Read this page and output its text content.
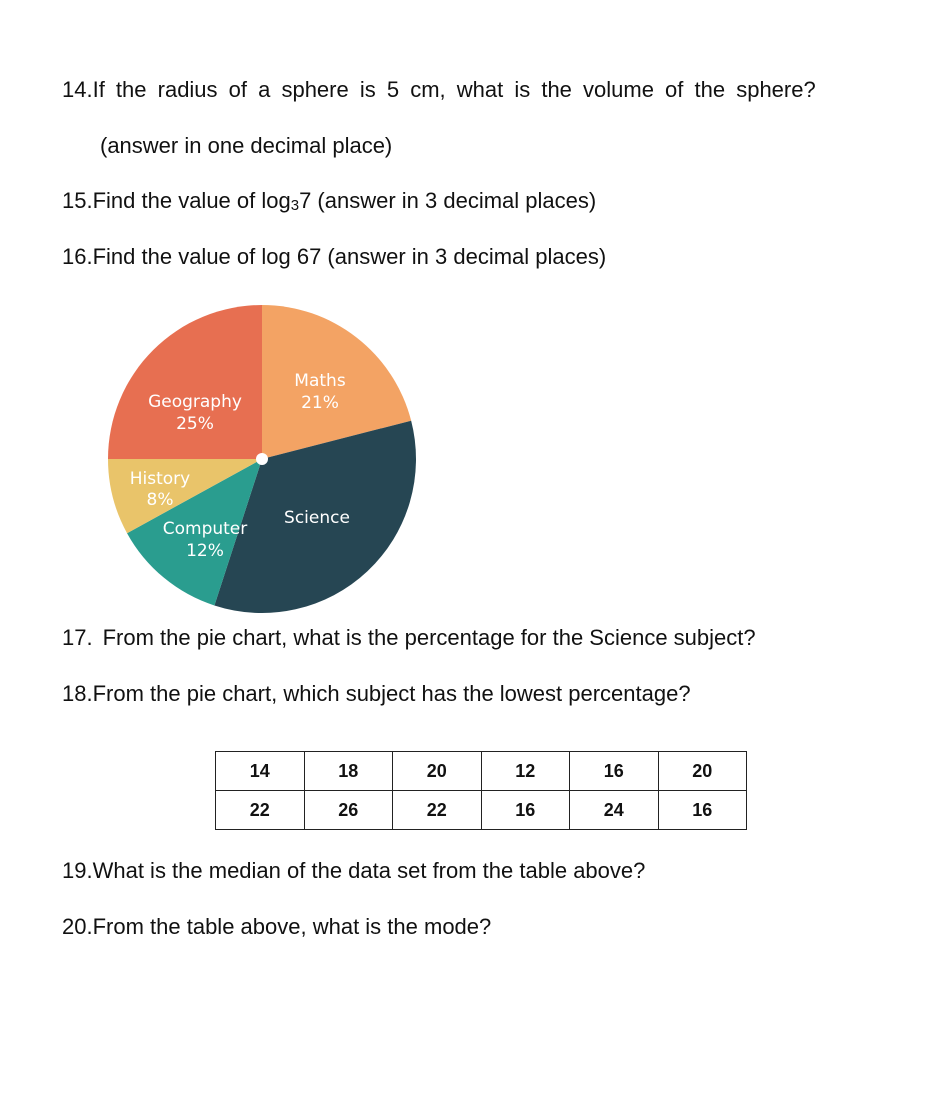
14.If the radius of a sphere is 5 cm, what is the volume of the sphere?

(answer in one decimal place)

15.Find the value of log37 (answer in 3 decimal places)

16.Find the value of log 67 (answer in 3 decimal places)

Maths
21%
Science
Computer
12%
History
8%
Geography
25%

17. From the pie chart, what is the percentage for the Science subject?

18.From the pie chart, which subject has the lowest percentage?

14	18	20	12	16	20
22	26	22	16	24	16

19.What is the median of the data set from the table above?

20.From the table above, what is the mode?
